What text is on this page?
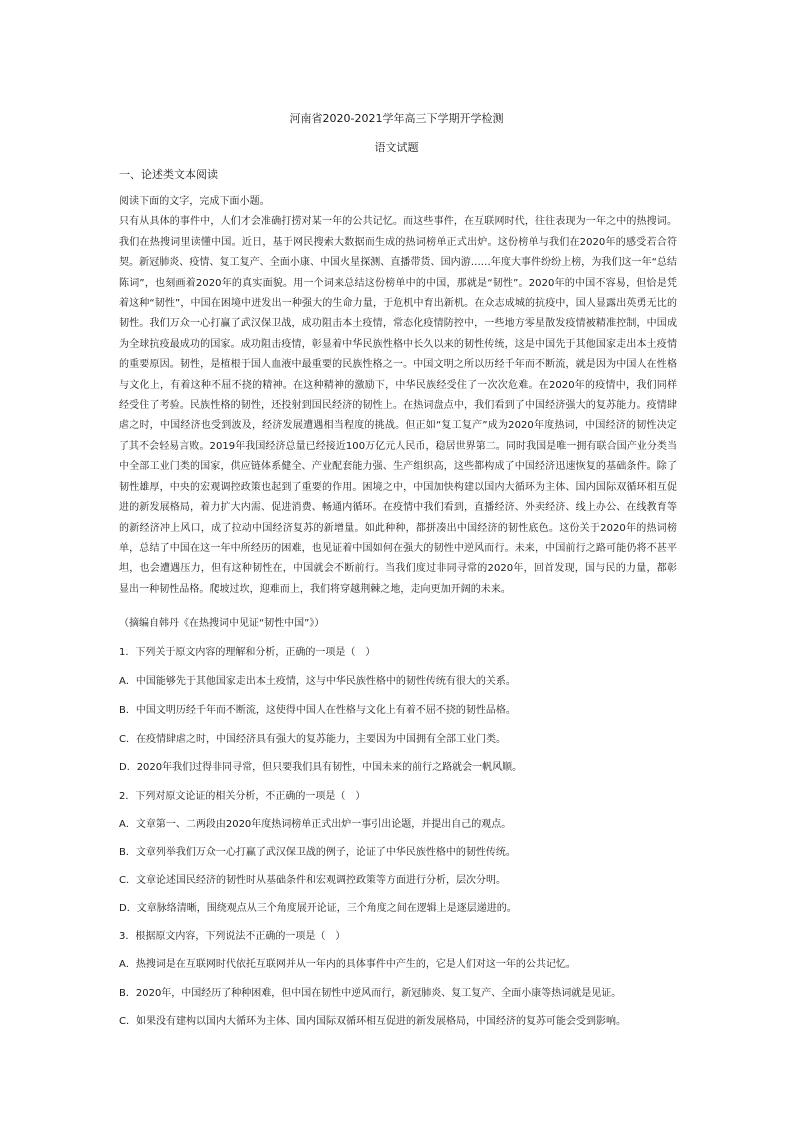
河南省2020-2021学年高三下学期开学检测
语文试题
一、论述类文本阅读

阅读下面的文字，完成下面小题。

只有从具体的事件中，人们才会准确打捞对某一年的公共记忆。而这些事件，在互联网时代，往往表现为一年之中的热搜词。我们在热搜词里读懂中国。近日，基于网民搜索大数据而生成的热词榜单正式出炉。这份榜单与我们在2020年的感受若合符契。新冠肺炎、疫情、复工复产、全面小康、中国火星探测、直播带货、国内游……年度大事件纷纷上榜，为我们这一年“总结陈词”，也刻画着2020年的真实面貌。用一个词来总结这份榜单中的中国，那就是“韧性”。2020年的中国不容易，但恰是凭着这种“韧性”，中国在困境中迸发出一种强大的生命力量，于危机中育出新机。在众志成城的抗疫中，国人显露出英勇无比的韧性。我们万众一心打赢了武汉保卫战，成功阻击本土疫情，常态化疫情防控中，一些地方零星散发疫情被精准控制，中国成为全球抗疫最成功的国家。成功阻击疫情，彰显着中华民族性格中长久以来的韧性传统，这是中国先于其他国家走出本土疫情的重要原因。韧性，是植根于国人血液中最重要的民族性格之一。中国文明之所以历经千年而不断流，就是因为中国人在性格与文化上，有着这种不屈不挠的精神。在这种精神的激励下，中华民族经受住了一次次危难。在2020年的疫情中，我们同样经受住了考验。民族性格的韧性，还投射到国民经济的韧性上。在热词盘点中，我们看到了中国经济强大的复苏能力。疫情肆虐之时，中国经济也受到波及，经济发展遭遇相当程度的挑战。但正如“复工复产”成为2020年度热词，中国经济的韧性决定了其不会轻易言败。2019年我国经济总量已经接近100万亿元人民币，稳居世界第二。同时我国是唯一拥有联合国产业分类当中全部工业门类的国家，供应链体系健全、产业配套能力强、生产组织高，这些都构成了中国经济迅速恢复的基础条件。除了韧性雄厚，中央的宏观调控政策也起到了重要的作用。困境之中，中国加快构建以国内大循环为主体、国内国际双循环相互促进的新发展格局，着力扩大内需、促进消费、畅通内循环。在疫情中我们看到，直播经济、外卖经济、线上办公、在线教育等的新经济冲上风口，成了拉动中国经济复苏的新增量。如此种种，都拼凑出中国经济的韧性底色。这份关于2020年的热词榜单，总结了中国在这一年中所经历的困难，也见证着中国如何在强大的韧性中逆风而行。未来，中国前行之路可能仍将不甚平坦，也会遭遇压力，但有这种韧性在，中国就会不断前行。当我们度过非同寻常的2020年，回首发现，国与民的力量，都彰显出一种韧性品格。爬坡过坎，迎难而上，我们将穿越荆棘之地，走向更加开阔的未来。

（摘编自韩丹《在热搜词中见证“韧性中国”》）
1．下列关于原文内容的理解和分析，正确的一项是（　）
A．中国能够先于其他国家走出本土疫情，这与中华民族性格中的韧性传统有很大的关系。
B．中国文明历经千年而不断流，这使得中国人在性格与文化上有着不屈不挠的韧性品格。
C．在疫情肆虐之时，中国经济具有强大的复苏能力，主要因为中国拥有全部工业门类。
D．2020年我们过得非同寻常，但只要我们具有韧性，中国未来的前行之路就会一帆风顺。
2．下列对原文论证的相关分析，不正确的一项是（　）
A．文章第一、二两段由2020年度热词榜单正式出炉一事引出论题，并提出自己的观点。
B．文章列举我们万众一心打赢了武汉保卫战的例子，论证了中华民族性格中的韧性传统。
C．文章论述国民经济的韧性时从基础条件和宏观调控政策等方面进行分析，层次分明。
D．文章脉络清晰，围绕观点从三个角度展开论证，三个角度之间在逻辑上是逐层递进的。
3．根据原文内容，下列说法不正确的一项是（　）
A．热搜词是在互联网时代依托互联网并从一年内的具体事件中产生的，它是人们对这一年的公共记忆。
B．2020年，中国经历了种种困难，但中国在韧性中逆风而行，新冠肺炎、复工复产、全面小康等热词就是见证。
C．如果没有建构以国内大循环为主体、国内国际双循环相互促进的新发展格局，中国经济的复苏可能会受到影响。
